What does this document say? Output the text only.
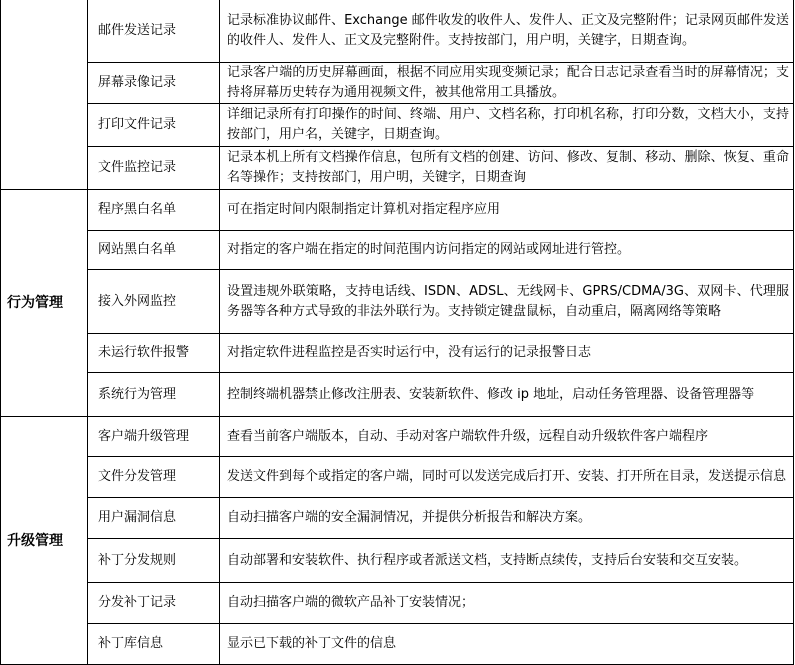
	邮件发送记录	记录标准协议邮件、Exchange 邮件收发的收件人、发件人、正文及完整附件；记录网页邮件发送的收件人、发件人、正文及完整附件。支持按部门，用户明，关键字，日期查询。
	屏幕录像记录	记录客户端的历史屏幕画面，根据不同应用实现变频记录；配合日志记录查看当时的屏幕情况；支持将屏幕历史转存为通用视频文件，被其他常用工具播放。
	打印文件记录	详细记录所有打印操作的时间、终端、用户、文档名称，打印机名称，打印分数，文档大小，支持按部门，用户名，关键字，日期查询。
	文件监控记录	记录本机上所有文档操作信息，包所有文档的创建、访问、修改、复制、移动、删除、恢复、重命名等操作；支持按部门，用户明，关键字，日期查询
行为管理	程序黑白名单	可在指定时间内限制指定计算机对指定程序应用
	网站黑白名单	对指定的客户端在指定的时间范围内访问指定的网站或网址进行管控。
	接入外网监控	设置违规外联策略，支持电话线、ISDN、ADSL、无线网卡、GPRS/CDMA/3G、双网卡、代理服务器等各种方式导致的非法外联行为。支持锁定键盘鼠标，自动重启，隔离网络等策略
	未运行软件报警	对指定软件进程监控是否实时运行中，没有运行的记录报警日志
	系统行为管理	控制终端机器禁止修改注册表、安装新软件、修改 ip 地址，启动任务管理器、设备管理器等
升级管理	客户端升级管理	查看当前客户端版本，自动、手动对客户端软件升级，远程自动升级软件客户端程序
	文件分发管理	发送文件到每个或指定的客户端，同时可以发送完成后打开、安装、打开所在目录，发送提示信息
	用户漏洞信息	自动扫描客户端的安全漏洞情况，并提供分析报告和解决方案。
	补丁分发规则	自动部署和安装软件、执行程序或者派送文档，支持断点续传，支持后台安装和交互安装。
	分发补丁记录	自动扫描客户端的微软产品补丁安装情况；
	补丁库信息	显示已下载的补丁文件的信息
